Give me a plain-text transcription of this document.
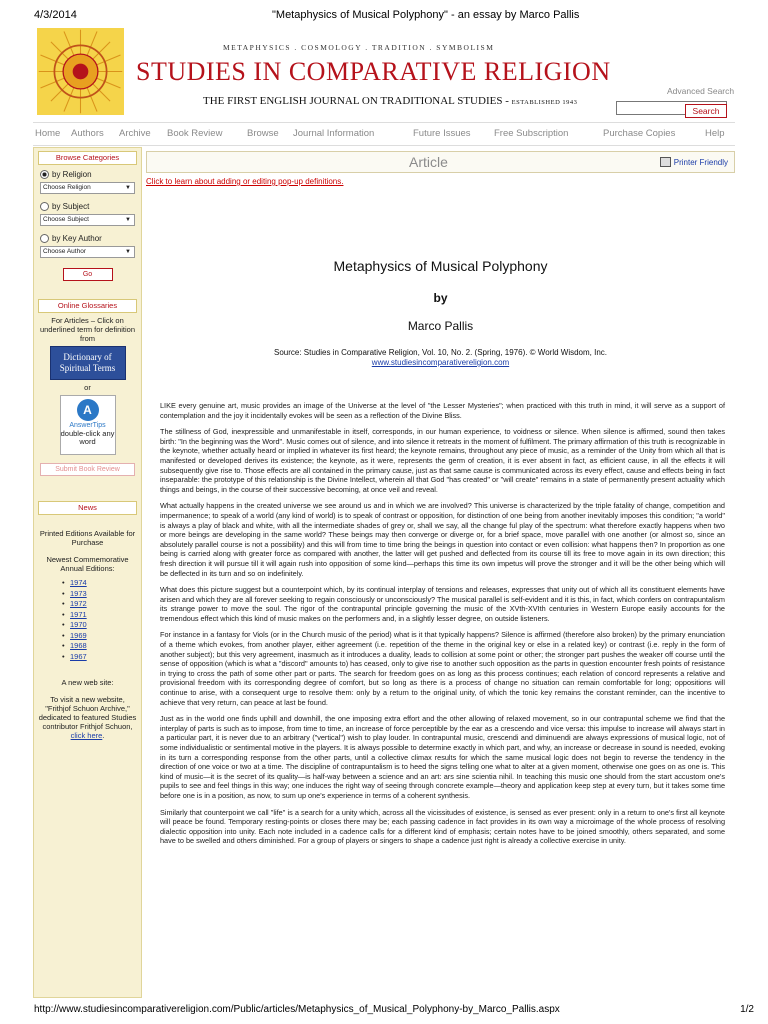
4/3/2014	"Metaphysics of Musical Polyphony" - an essay by Marco Pallis
METAPHYSICS . COSMOLOGY . TRADITION . SYMBOLISM
STUDIES IN COMPARATIVE RELIGION
THE FIRST ENGLISH JOURNAL ON TRADITIONAL STUDIES - ESTABLISHED 1943
Advanced Search
Search
Home Authors Archive Book Review	Browse Journal Information	Future Issues Free Subscription	Purchase Copies	Help
Browse Categories
by Religion
Choose Religion	▼
by Subject
Choose Subject	▼
by Key Author
Choose Author	▼
Go
Online Glossaries
For Articles – Click on underlined term for definition from
Dictionary of Spiritual Terms
or
A
AnswerTips
double-click any word
Submit Book Review
News
Printed Editions Available for Purchase
Newest Commemorative Annual Editions:
• 1974
• 1973
• 1972
• 1971
• 1970
• 1969
• 1968
• 1967
A new web site:
To visit a new website, "Frithjof Schuon Archive," dedicated to featured Studies contributor Frithjof Schuon, click here.
Article	Printer Friendly
Click to learn about adding or editing pop-up definitions.
Metaphysics of Musical Polyphony
by
Marco Pallis
Source: Studies in Comparative Religion, Vol. 10, No. 2. (Spring, 1976). © World Wisdom, Inc.
www.studiesincomparativereligion.com

LIKE every genuine art, music provides an image of the Universe at the level of "the Lesser Mysteries"; when practiced with this truth in mind, it will serve as a support of contemplation and the joy it incidentally evokes will be seen as a reflection of the Divine Bliss.

The stillness of God, inexpressible and unmanifestable in itself, corresponds, in our human experience, to voidness or silence. When silence is affirmed, sound then takes birth: "In the beginning was the Word". Music comes out of silence, and into silence it retreats in the moment of fulfilment. The primary affirmation of this truth is recognizable in the keynote, whether actually heard or implied in whatever its first heard; the keynote remains, throughout any piece of music, as a reminder of the Unity from which all that is manifested or developed derives its existence; the keynote, as it were, represents the germ of creation, it is ever absent in fact, as efficient cause, in all the effects it will subsequently give rise to. Those effects are all contained in the primary cause, just as that same cause is communicated across its every effect, cause and effects being in fact inseparable: the prototype of this relationship is the Divine Intellect, wherein all that God "has created" or "will create" remains in a state of permanently present actuality which things and beings, in the course of their successive becoming, at once veil and reveal.

What actually happens in the created universe we see around us and in which we are involved? This universe is characterized by the triple fatality of change, competition and impermanence; to speak of a world (any kind of world) is to speak of contrast or opposition, for distinction of one being from another inevitably imposes this condition; "a world" is always a play of black and white, with all the intermediate shades of grey or, shall we say, all the change ful play of the spectrum: what therefore exactly happens when two or more beings are developing in the same world? These beings may then converge or diverge or, for a brief space, move parallel with one another (or almost so, since an absolutely parallel course is not a possibility) and this will from time to time bring the beings in question into contact or even collision: what happens then? In proportion as one being is carried along with greater force as compared with another, the latter will get pushed and deflected from its course till its free to move again in its own direction; this fresh direction it will pursue till it will again rush into opposition of some kind—perhaps this time its own impetus will prove the stronger and it will be the other being which will be deflected in its turn and so on indefinitely.

What does this picture suggest but a counterpoint which, by its continual interplay of tensions and releases, expresses that unity out of which all its constituent elements have arisen and which they are all forever seeking to regain consciously or unconsciously? The musical parallel is self-evident and it is this, in fact, which confers on contrapuntalism its strange power to move the soul. The rigor of the contrapuntal principle governing the music of the XVth-XVIth centuries in Western Europe easily accounts for the tremendous effect which this kind of music makes on the performers and, in a slightly lesser degree, on outside listeners.

For instance in a fantasy for Viols (or in the Church music of the period) what is it that typically happens? Silence is affirmed (therefore also broken) by the primary enunciation of a theme which evokes, from another player, either agreement (i.e. repetition of the theme in the original key or else in a related key) or contrast (i.e. reply in the form of another subject); but this very agreement, inasmuch as it introduces a duality, leads to collision at some point or other; the stronger part pushes the weaker off course until the sense of opposition (which is what a "discord" amounts to) has ceased, only to give rise to another such opposition as the parts in question encounter fresh points of resistance in trying to cross the path of some other part or parts. The search for freedom goes on as long as this process continues; each relation of concord represents a relative and provisional freedom with its corresponding degree of comfort, but so long as there is a process of change no situation can remain comfortable for long; oppositions will continue to arise, with a consequent urge to resolve them: only by a return to the original unity, of which the tonic key remains the constant reminder, can the incentive to achieve that very return, can peace at last be found.

Just as in the world one finds uphill and downhill, the one imposing extra effort and the other allowing of relaxed movement, so in our contrapuntal scheme we find that the interplay of parts is such as to impose, from time to time, an increase of force perceptible by the ear as a crescendo and vice versa: this impulse to increase will always start in a particular part, it is never due to an arbitrary ("vertical") wish to play louder. In contrapuntal music, crescendi and diminuendi are always expressions of musical logic, not of some individualistic or sentimental motive in the players. It is always possible to determine exactly in which part, and why, an increase or decrease in sound is needed, evoking in its turn a corresponding response from the other parts, until a collective climax results for which the same musical logic does not begin to reverse the tendency in the direction of one voice or two at a time. The discipline of contrapuntalism is to heed the signs telling one what to alter at a given moment, otherwise one goes on as one is. This kind of music—it is the secret of its quality—is half-way between a science and an art: ars sine scientia nihil. In teaching this music one should from the start accustom one's pupils to see and feel things in this way; one induces the right way of seeing through concrete example—theory and application keep step at every turn, but it takes some time before one is in a position, as now, to sum up one's experience in terms of a coherent synthesis.

Similarly that counterpoint we call "life" is a search for a unity which, across all the vicissitudes of existence, is sensed as ever present: only in a return to one's first all keynote will peace be found. Temporary resting-points or closes there may be; each passing cadence in fact provides in its own way a microimage of the whole process of resolving dialectic opposition into unity. Each note included in a cadence calls for a different kind of emphasis; certain notes have to be joined smoothly, others separated, and some have to be swelled and others diminished. For a group of players or singers to shape a cadence just right is already a collective exercise in unity.

http://www.studiesincomparativereligion.com/Public/articles/Metaphysics_of_Musical_Polyphony-by_Marco_Pallis.aspx	1/2
